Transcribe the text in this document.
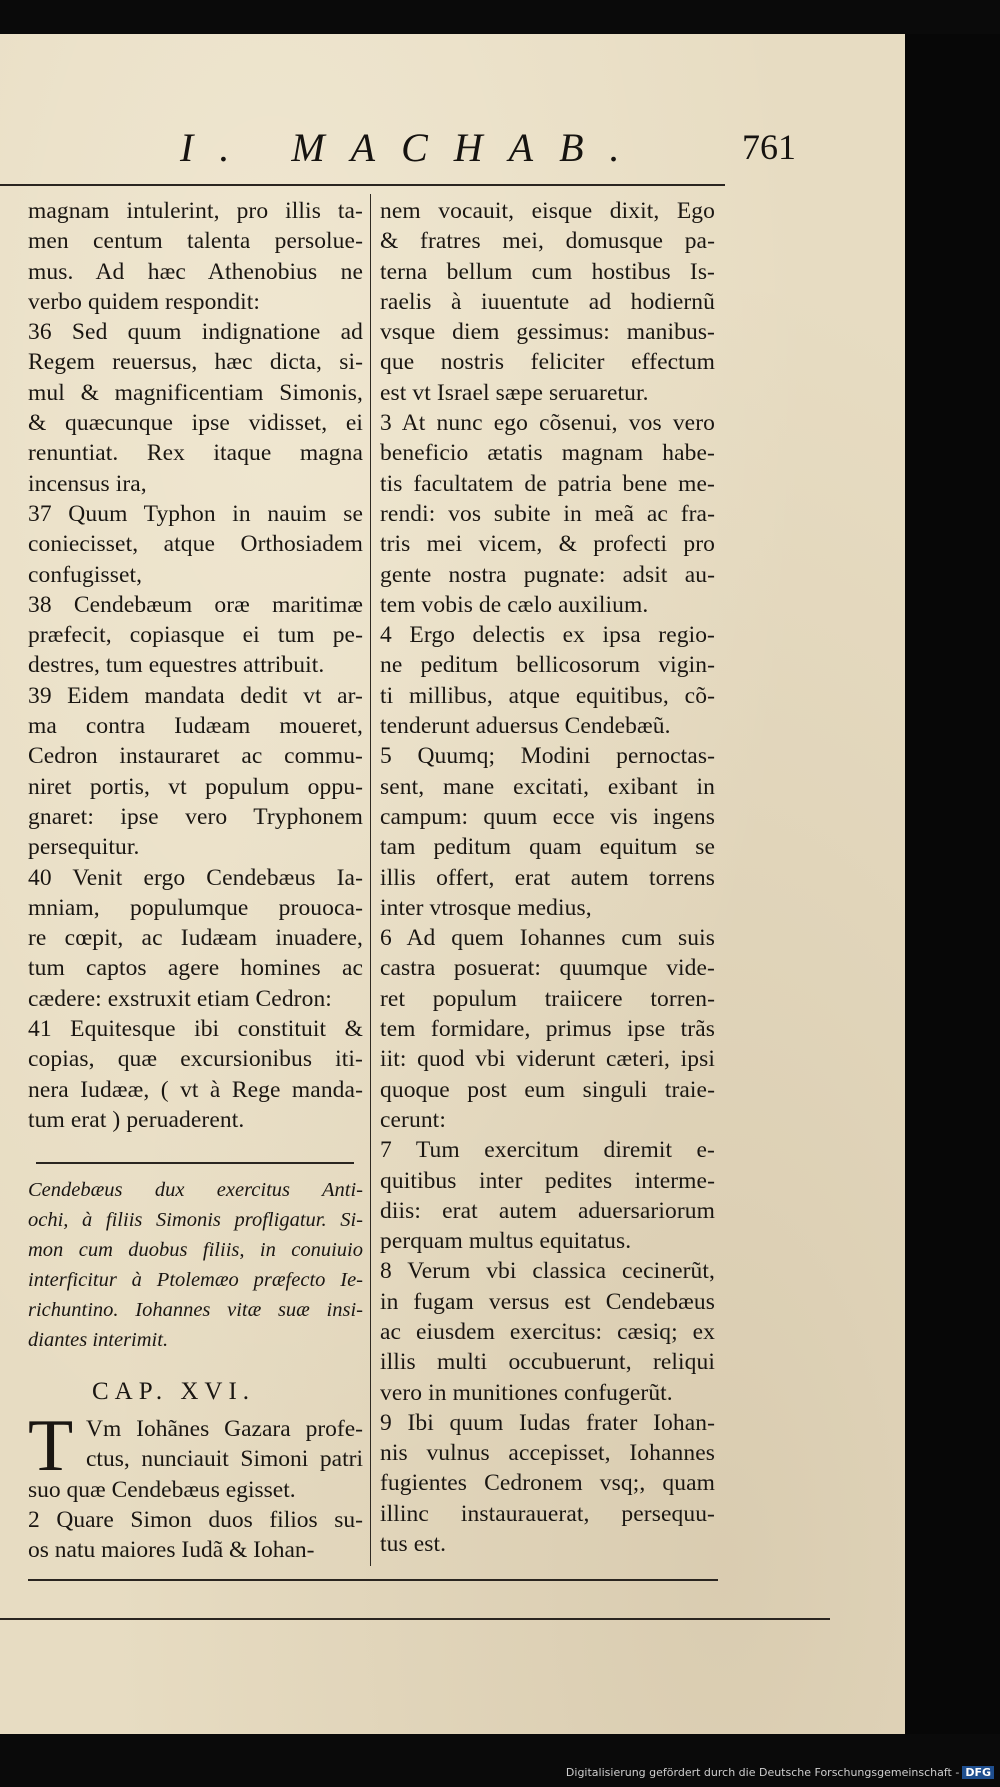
I. MACHAB.	761
magnam intulerint, pro illis ta-
men centum talenta persolue-
mus. Ad hæc Athenobius ne
verbo quidem respondit:
36 Sed quum indignatione ad
Regem reuersus, hæc dicta, si-
mul & magnificentiam Simonis,
& quæcunque ipse vidisset, ei
renuntiat. Rex itaque magna
incensus ira,
37 Quum Typhon in nauim se
coniecisset, atque Orthosiadem
confugisset,
38 Cendebæum oræ maritimæ
præfecit, copiasque ei tum pe-
destres, tum equestres attribuit.
39 Eidem mandata dedit vt ar-
ma contra Iudæam moueret,
Cedron instauraret ac commu-
niret portis, vt populum oppu-
gnaret: ipse vero Tryphonem
persequitur.
40 Venit ergo Cendebæus Ia-
mniam, populumque prouoca-
re cœpit, ac Iudæam inuadere,
tum captos agere homines ac
cædere: exstruxit etiam Cedron:
41 Equitesque ibi constituit &
copias, quæ excursionibus iti-
nera Iudææ, ( vt à Rege manda-
tum erat ) peruaderent.
nem vocauit, eisque dixit, Ego
& fratres mei, domusque pa-
terna bellum cum hostibus Is-
raelis à iuuentute ad hodiernũ
vsque diem gessimus: manibus-
que nostris feliciter effectum
est vt Israel sæpe seruaretur.
3 At nunc ego cõsenui, vos vero
beneficio ætatis magnam habe-
tis facultatem de patria bene me-
rendi: vos subite in meã ac fra-
tris mei vicem, & profecti pro
gente nostra pugnate: adsit au-
tem vobis de cælo auxilium.
4 Ergo delectis ex ipsa regio-
ne peditum bellicosorum vigin-
ti millibus, atque equitibus, cõ-
tenderunt aduersus Cendebæũ.
5 Quumq; Modini pernoctas-
sent, mane excitati, exibant in
campum: quum ecce vis ingens
tam peditum quam equitum se
illis offert, erat autem torrens
inter vtrosque medius,
6 Ad quem Iohannes cum suis
castra posuerat: quumque vide-
ret populum traiicere torren-
tem formidare, primus ipse trãs
iit: quod vbi viderunt cæteri, ipsi
quoque post eum singuli traie-
cerunt:
7 Tum exercitum diremit e-
quitibus inter pedites interme-
diis: erat autem aduersariorum
perquam multus equitatus.
8 Verum vbi classica cecinerũt,
in fugam versus est Cendebæus
ac eiusdem exercitus: cæsiq; ex
illis multi occubuerunt, reliqui
vero in munitiones confugerũt.
9 Ibi quum Iudas frater Iohan-
nis vulnus accepisset, Iohannes
fugientes Cedronem vsq;, quam
illinc instaurauerat, persequu-
tus est.
Cendebæus dux exercitus Anti-
ochi, à filiis Simonis profligatur. Si-
mon cum duobus filiis, in conuiuio
interficitur à Ptolemæo præfecto Ie-
richuntino. Iohannes vitæ suæ insi-
diantes interimit.
CAP. XVI.
T Vm Iohãnes Gazara profe-
ctus, nunciauit Simoni patri
suo quæ Cendebæus egisset.
2 Quare Simon duos filios su-
os natu maiores Iudã & Iohan-
Digitalisierung gefördert durch die Deutsche Forschungsgemeinschaft - DFG
